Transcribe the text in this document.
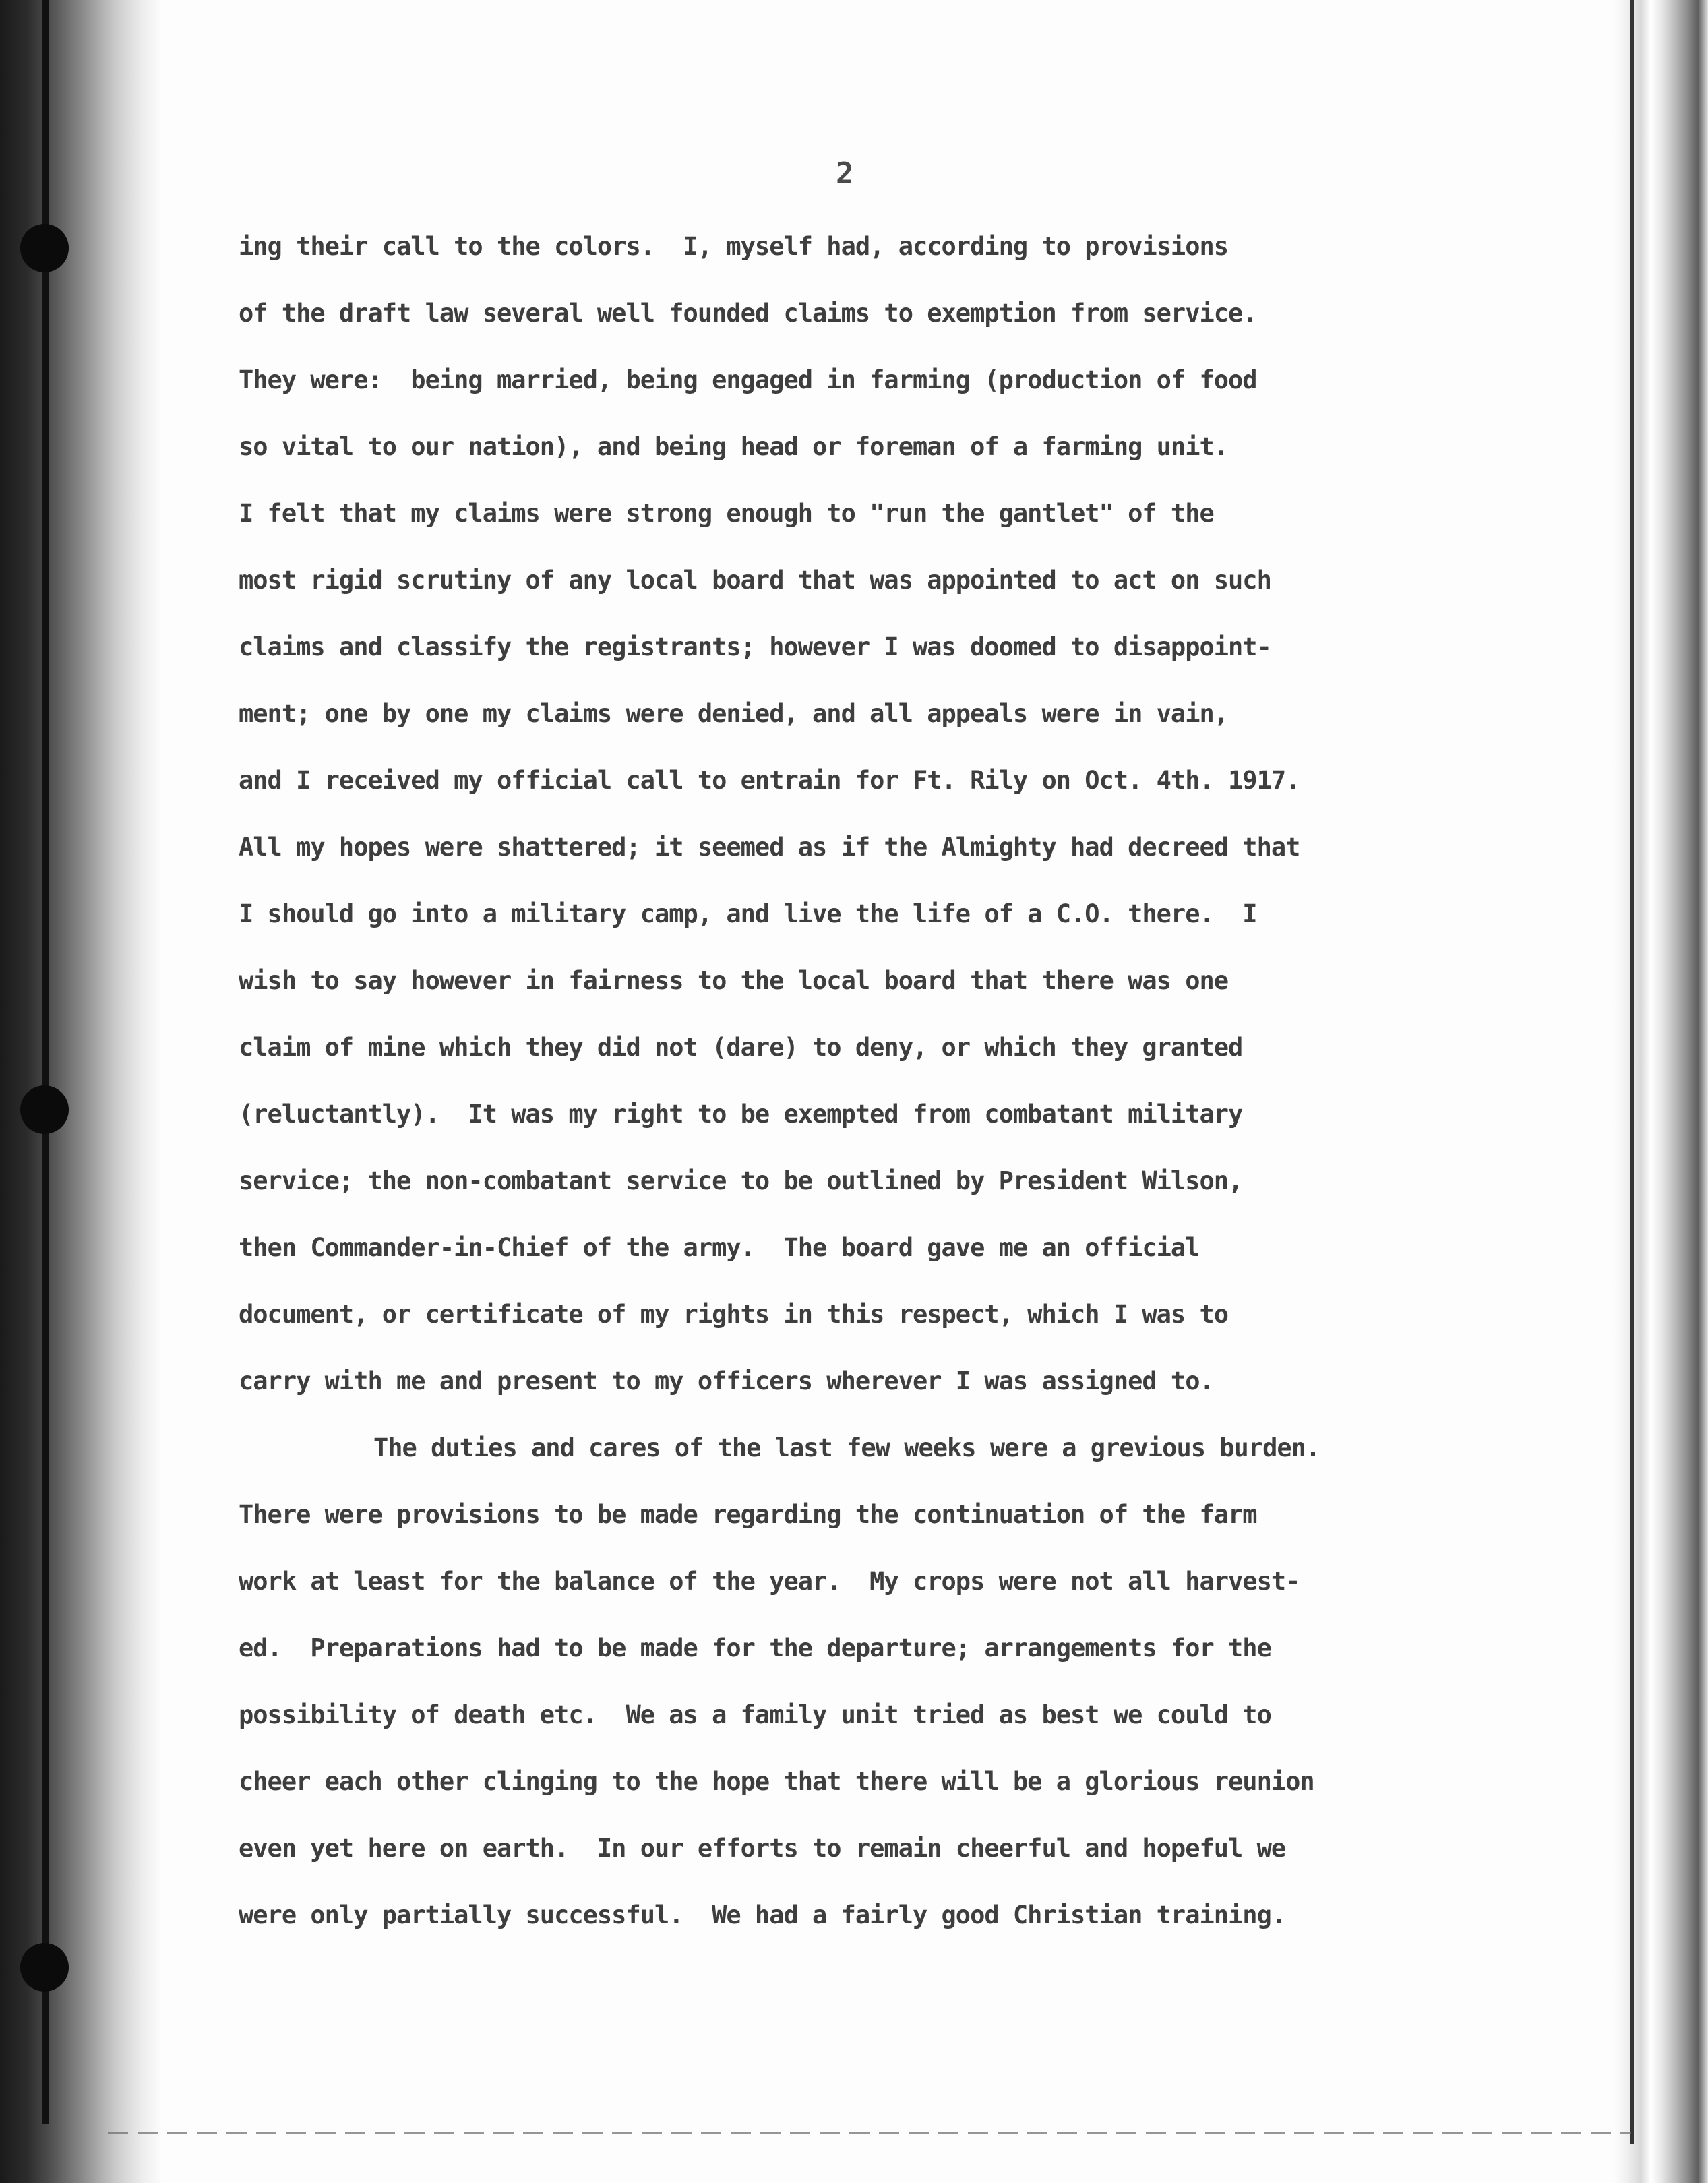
2
ing their call to the colors.  I, myself had, according to provisions
of the draft law several well founded claims to exemption from service.
They were:  being married, being engaged in farming (production of food
so vital to our nation), and being head or foreman of a farming unit.
I felt that my claims were strong enough to "run the gantlet" of the
most rigid scrutiny of any local board that was appointed to act on such
claims and classify the registrants; however I was doomed to disappoint-
ment; one by one my claims were denied, and all appeals were in vain,
and I received my official call to entrain for Ft. Rily on Oct. 4th. 1917.
All my hopes were shattered; it seemed as if the Almighty had decreed that
I should go into a military camp, and live the life of a C.O. there.  I
wish to say however in fairness to the local board that there was one
claim of mine which they did not (dare) to deny, or which they granted
(reluctantly).  It was my right to be exempted from combatant military
service; the non-combatant service to be outlined by President Wilson,
then Commander-in-Chief of the army.  The board gave me an official
document, or certificate of my rights in this respect, which I was to
carry with me and present to my officers wherever I was assigned to.
The duties and cares of the last few weeks were a grevious burden.
There were provisions to be made regarding the continuation of the farm
work at least for the balance of the year.  My crops were not all harvest-
ed.  Preparations had to be made for the departure; arrangements for the
possibility of death etc.  We as a family unit tried as best we could to
cheer each other clinging to the hope that there will be a glorious reunion
even yet here on earth.  In our efforts to remain cheerful and hopeful we
were only partially successful.  We had a fairly good Christian training.
